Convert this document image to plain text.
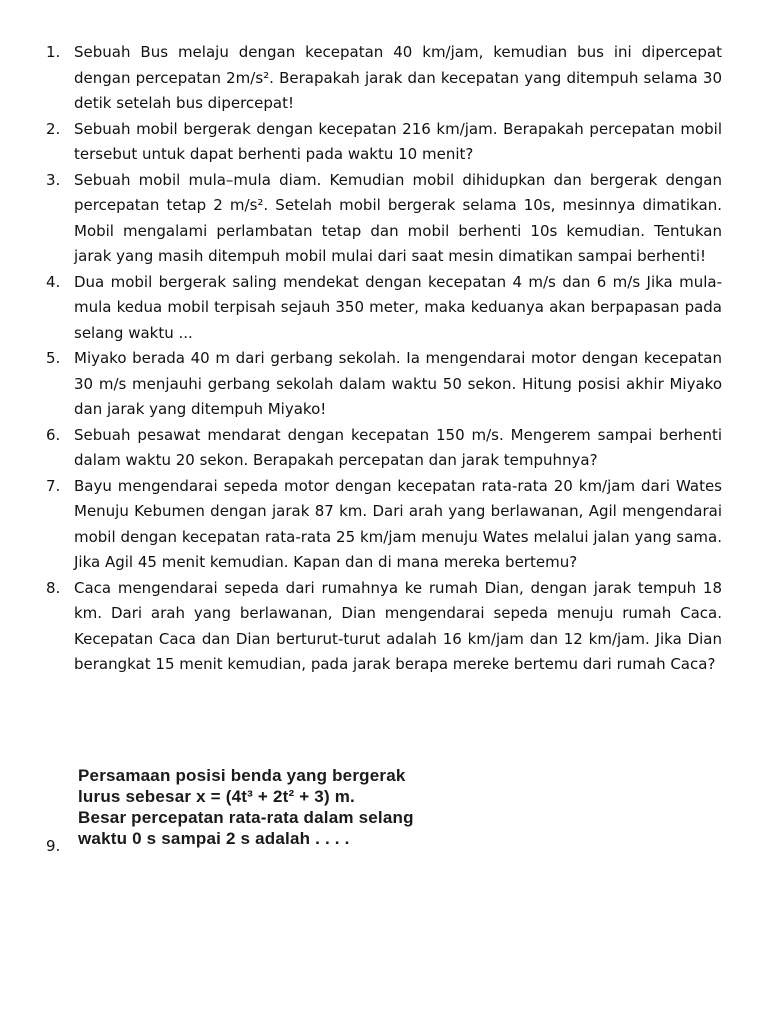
1. Sebuah Bus melaju dengan kecepatan 40 km/jam, kemudian bus ini dipercepat dengan percepatan 2m/s². Berapakah jarak dan kecepatan yang ditempuh selama 30 detik setelah bus dipercepat!
2. Sebuah mobil bergerak dengan kecepatan 216 km/jam. Berapakah percepatan mobil tersebut untuk dapat berhenti pada waktu 10 menit?
3. Sebuah mobil mula–mula diam. Kemudian mobil dihidupkan dan bergerak dengan percepatan tetap 2 m/s². Setelah mobil bergerak selama 10s, mesinnya dimatikan. Mobil mengalami perlambatan tetap dan mobil berhenti 10s kemudian. Tentukan jarak yang masih ditempuh mobil mulai dari saat mesin dimatikan sampai berhenti!
4. Dua mobil bergerak saling mendekat dengan kecepatan 4 m/s dan 6 m/s Jika mula-mula kedua mobil terpisah sejauh 350 meter, maka keduanya akan berpapasan pada selang waktu ...
5. Miyako berada 40 m dari gerbang sekolah. Ia mengendarai motor dengan kecepatan 30 m/s menjauhi gerbang sekolah dalam waktu 50 sekon. Hitung posisi akhir Miyako dan jarak yang ditempuh Miyako!
6. Sebuah pesawat mendarat dengan kecepatan 150 m/s. Mengerem sampai berhenti dalam waktu 20 sekon. Berapakah percepatan dan jarak tempuhnya?
7. Bayu mengendarai sepeda motor dengan kecepatan rata-rata 20 km/jam dari Wates Menuju Kebumen dengan jarak 87 km. Dari arah yang berlawanan, Agil mengendarai mobil dengan kecepatan rata-rata 25 km/jam menuju Wates melalui jalan yang sama. Jika Agil 45 menit kemudian. Kapan dan di mana mereka bertemu?
8. Caca mengendarai sepeda dari rumahnya ke rumah Dian, dengan jarak tempuh 18 km. Dari arah yang berlawanan, Dian mengendarai sepeda menuju rumah Caca. Kecepatan Caca dan Dian berturut-turut adalah 16 km/jam dan 12 km/jam. Jika Dian berangkat 15 menit kemudian, pada jarak berapa mereke bertemu dari rumah Caca?
9.
Persamaan posisi benda yang bergerak
lurus sebesar x = (4t³ + 2t² + 3) m.
Besar percepatan rata-rata dalam selang
waktu 0 s sampai 2 s adalah . . . .
